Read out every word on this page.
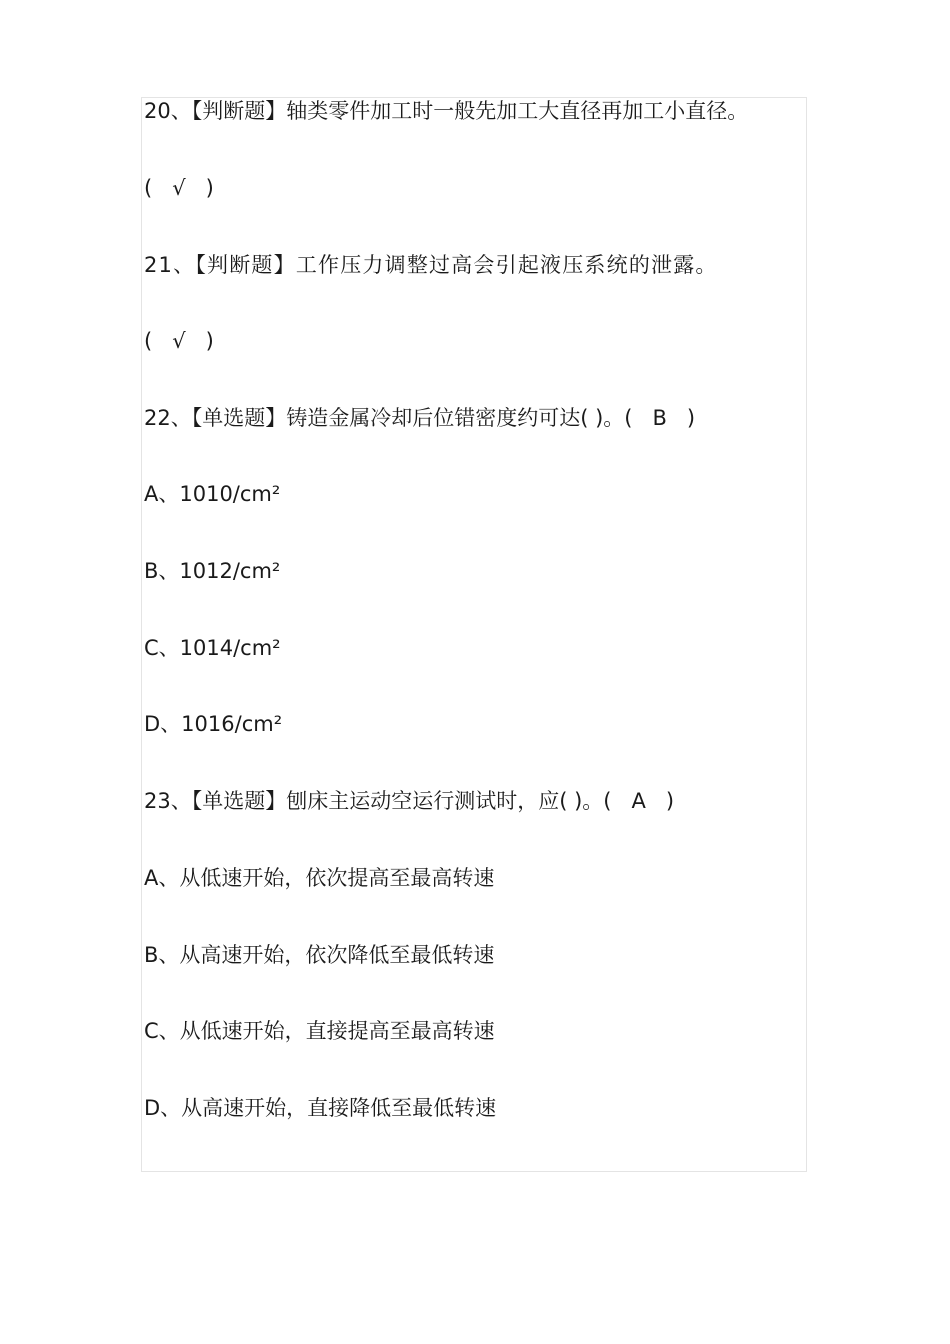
20、【判断题】轴类零件加工时一般先加工大直径再加工小直径。
(   √   )
21、【判断题】工作压力调整过高会引起液压系统的泄露。
(   √   )
22、【单选题】铸造金属冷却后位错密度约可达( )。(   B   )
A、1010/cm²
B、1012/cm²
C、1014/cm²
D、1016/cm²
23、【单选题】刨床主运动空运行测试时，应( )。(   A   )
A、从低速开始，依次提高至最高转速
B、从高速开始，依次降低至最低转速
C、从低速开始，直接提高至最高转速
D、从高速开始，直接降低至最低转速
